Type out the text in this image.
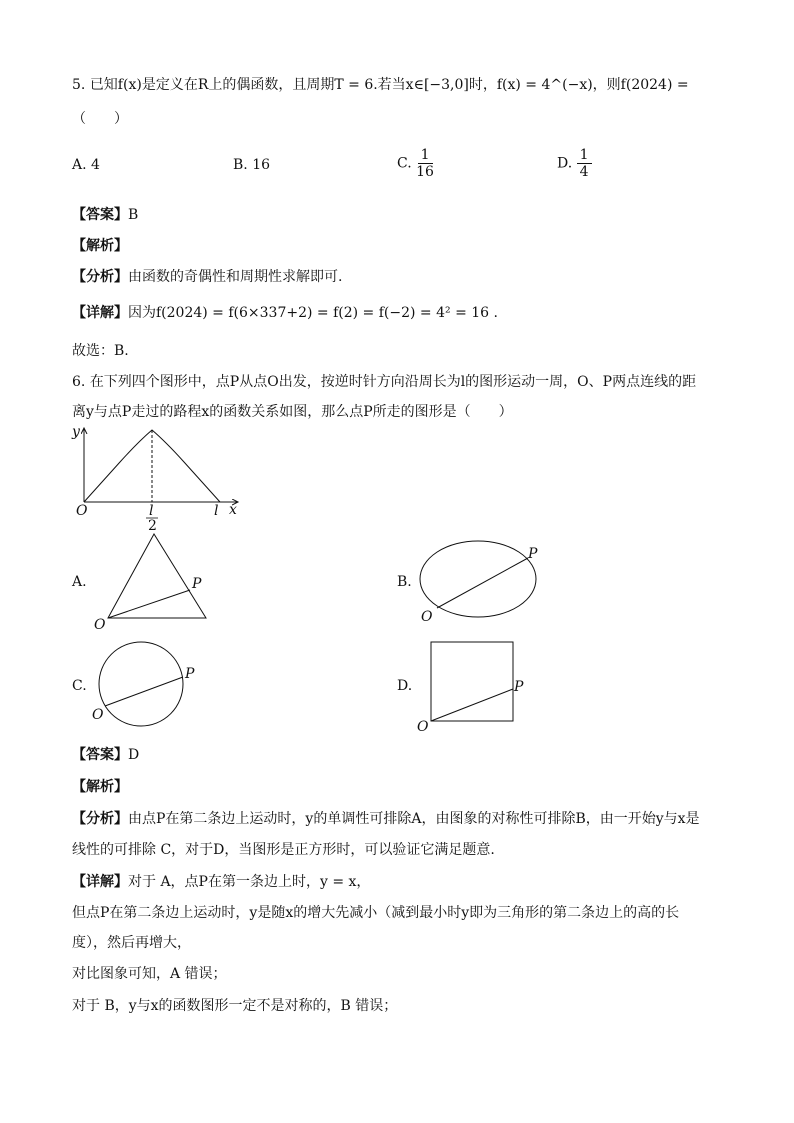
5. 已知f(x)是定义在R上的偶函数，且周期T = 6.若当x∈[−3,0]时，f(x) = 4^(−x)，则f(2024) =
（　　）
A. 4	B. 16	C. $\frac{1}{16}$	D. $\frac{1}{4}$
【答案】B
【解析】
【分析】由函数的奇偶性和周期性求解即可.
【详解】因为f(2024) = f(6×337+2) = f(2) = f(−2) = 4² = 16 .
故选：B.
6. 在下列四个图形中，点P从点O出发，按逆时针方向沿周长为l的图形运动一周，O、P两点连线的距
离y与点P走过的路程x的函数关系如图，那么点P所走的图形是（　　）
y
x
O	l
2
l
A.
O
P	B.
O
P
C.
O
P
D.
O
P
【答案】D
【解析】
【分析】由点P在第二条边上运动时，y的单调性可排除A，由图象的对称性可排除B，由一开始y与x是
线性的可排除 C，对于D，当图形是正方形时，可以验证它满足题意.
【详解】对于 A，点P在第一条边上时，y = x，
但点P在第二条边上运动时，y是随x的增大先减小（减到最小时y即为三角形的第二条边上的高的长
度），然后再增大，
对比图象可知，A 错误；
对于 B，y与x的函数图形一定不是对称的，B 错误；
